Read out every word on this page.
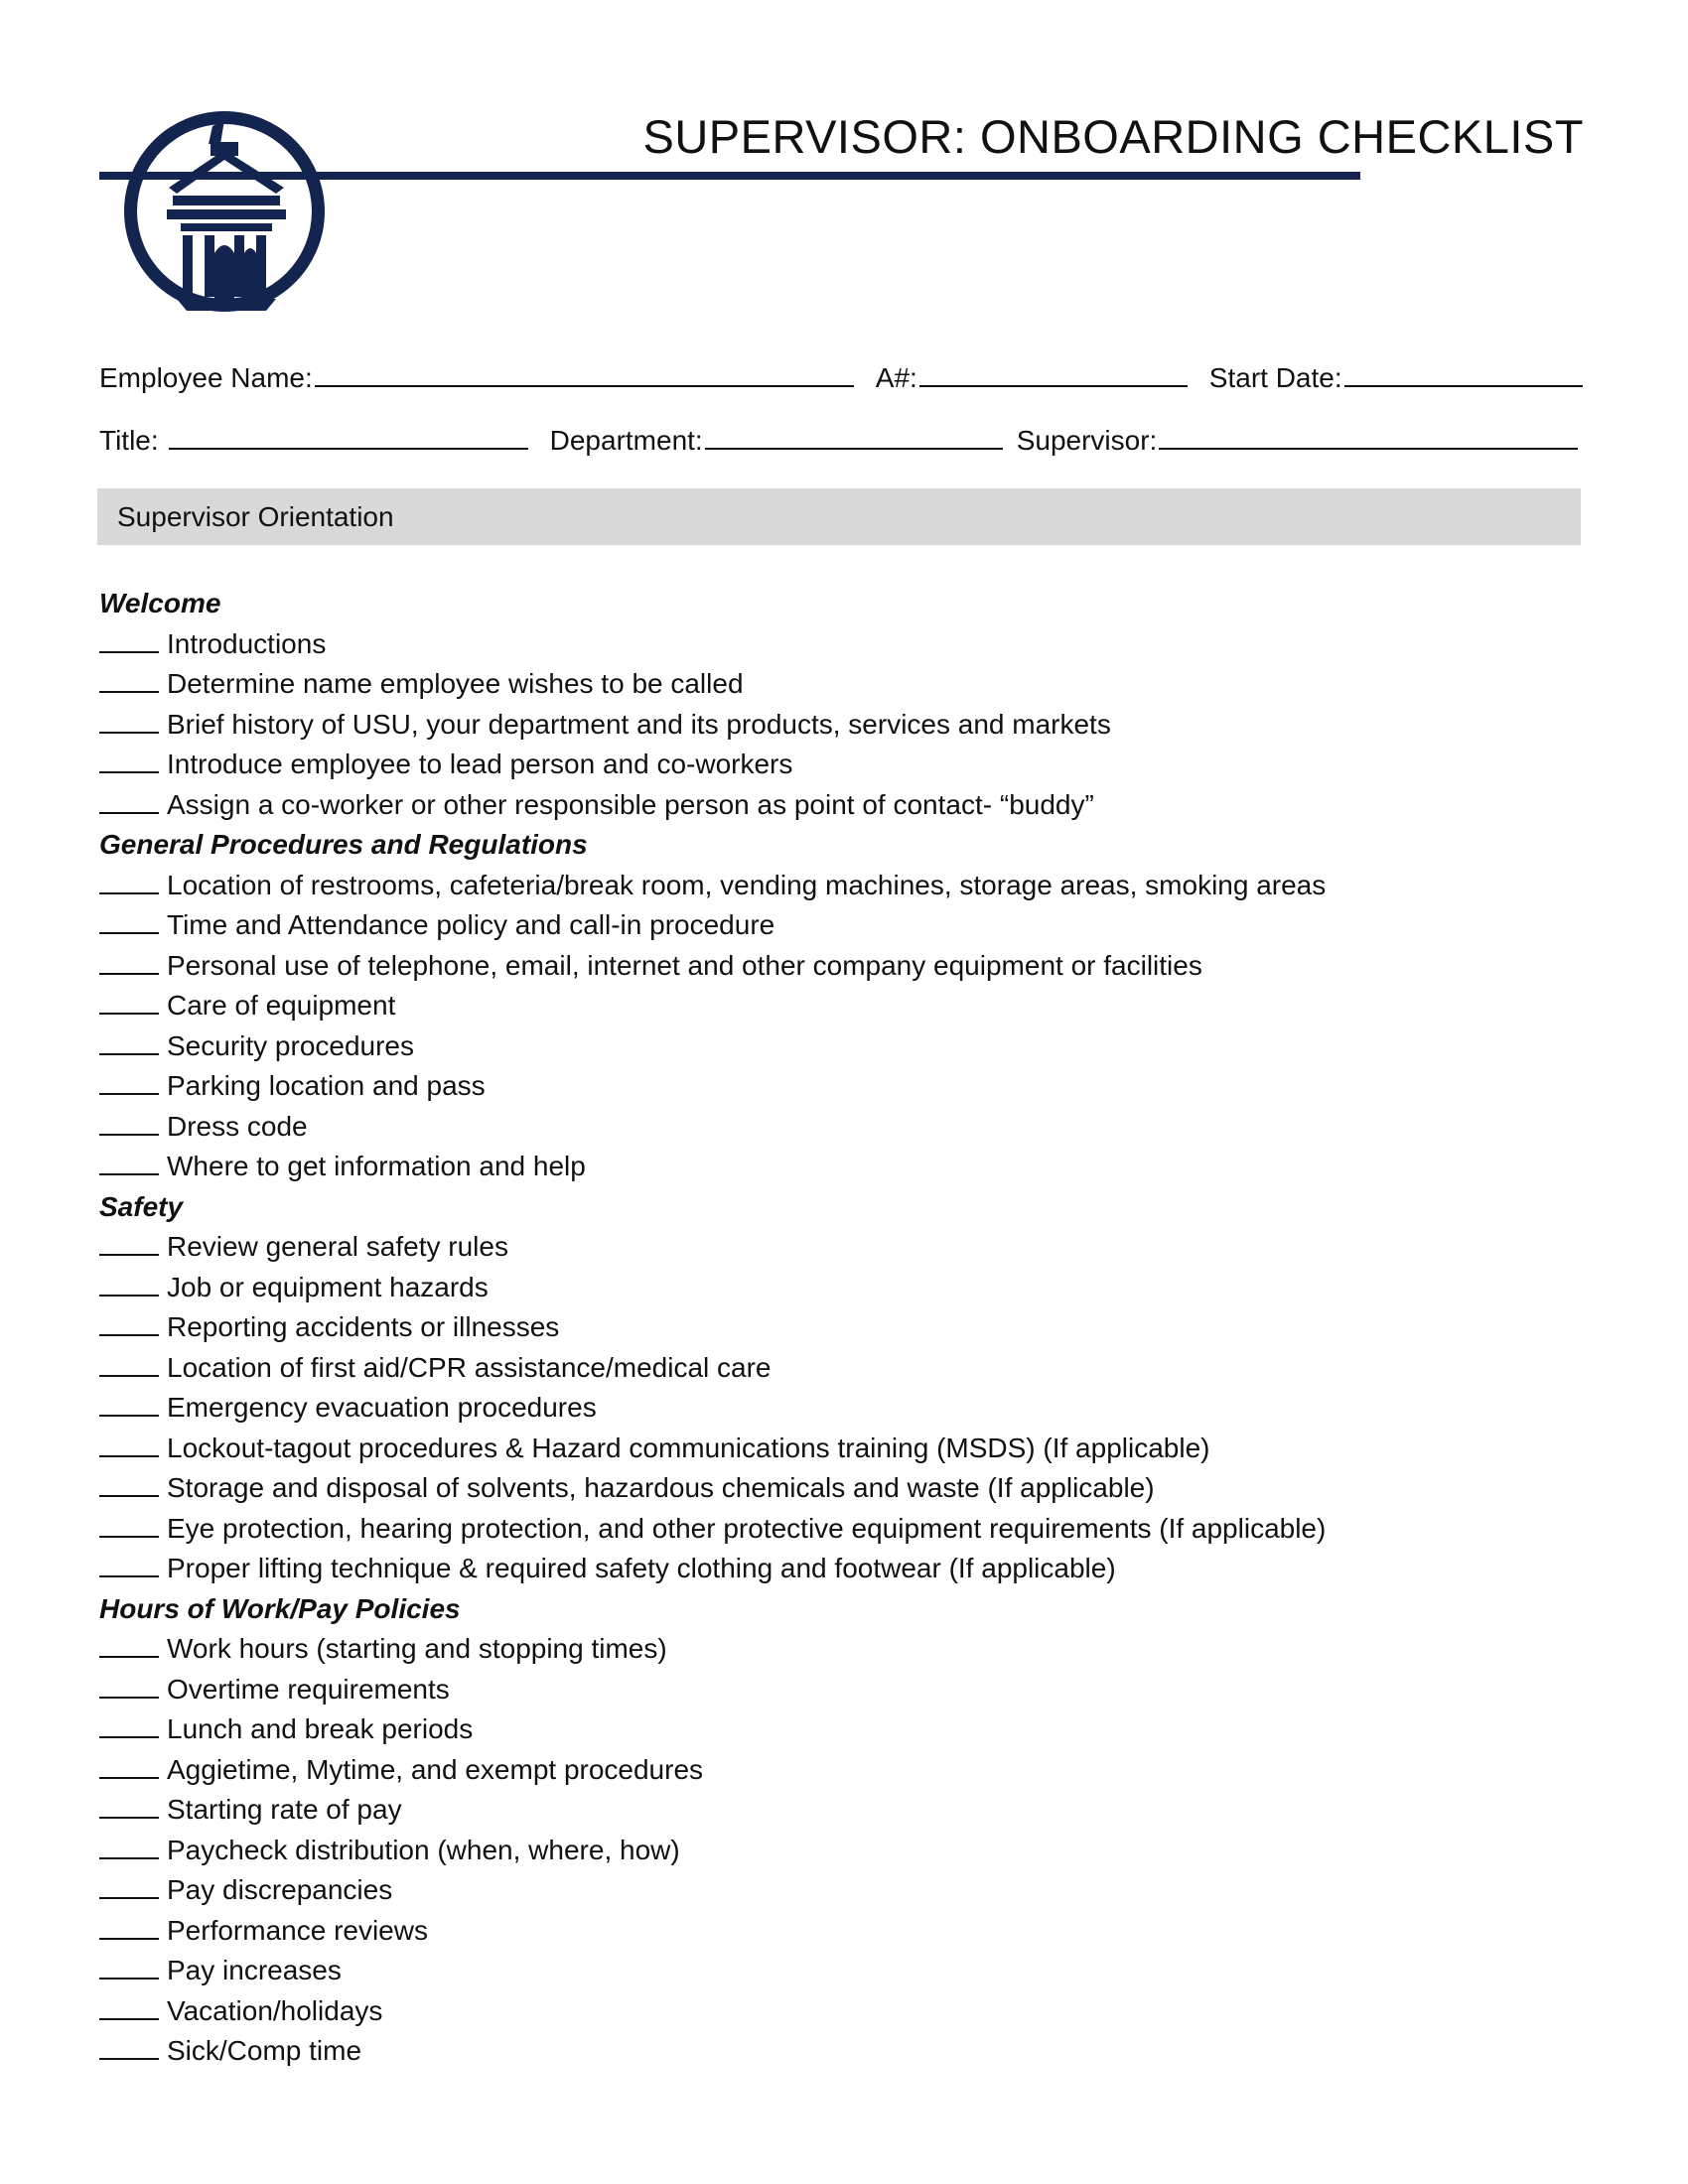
SUPERVISOR: ONBOARDING CHECKLIST
Employee Name:	A#:	Start Date:
Title:	Department:	Supervisor:
Supervisor Orientation
Welcome
Introductions
Determine name employee wishes to be called
Brief history of USU, your department and its products, services and markets
Introduce employee to lead person and co-workers
Assign a co-worker or other responsible person as point of contact- “buddy”
General Procedures and Regulations
Location of restrooms, cafeteria/break room, vending machines, storage areas, smoking areas
Time and Attendance policy and call-in procedure
Personal use of telephone, email, internet and other company equipment or facilities
Care of equipment
Security procedures
Parking location and pass
Dress code
Where to get information and help
Safety
Review general safety rules
Job or equipment hazards
Reporting accidents or illnesses
Location of first aid/CPR assistance/medical care
Emergency evacuation procedures
Lockout-tagout procedures & Hazard communications training (MSDS) (If applicable)
Storage and disposal of solvents, hazardous chemicals and waste (If applicable)
Eye protection, hearing protection, and other protective equipment requirements (If applicable)
Proper lifting technique & required safety clothing and footwear (If applicable)
Hours of Work/Pay Policies
Work hours (starting and stopping times)
Overtime requirements
Lunch and break periods
Aggietime, Mytime, and exempt procedures
Starting rate of pay
Paycheck distribution (when, where, how)
Pay discrepancies
Performance reviews
Pay increases
Vacation/holidays
Sick/Comp time
